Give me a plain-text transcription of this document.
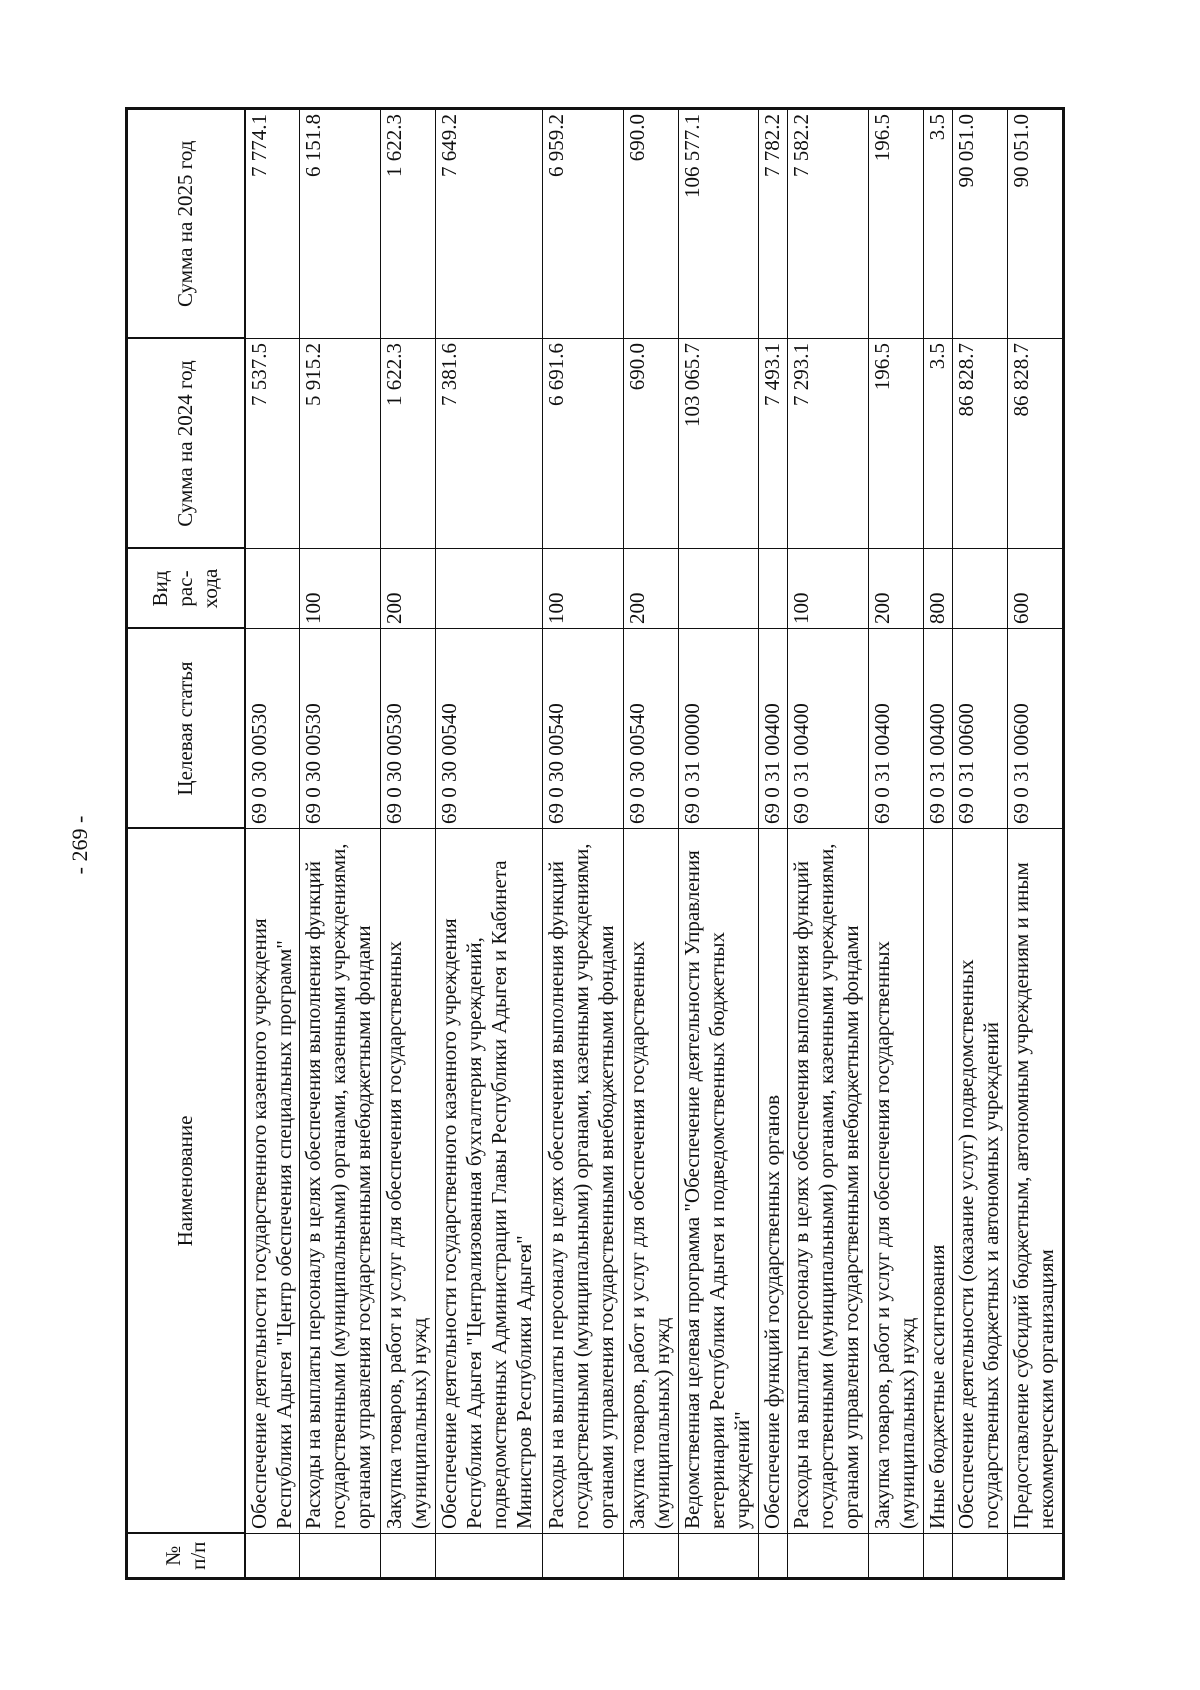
- 269 -
№ п/п	Наименование	Целевая статья	Вид рас-хода	Сумма на 2024 год	Сумма на 2025 год
	Обеспечение деятельности государственного казенного учреждения Республики Адыгея "Центр обеспечения специальных программ"	69 0 30 00530		7 537.5	7 774.1
	Расходы на выплаты персоналу в целях обеспечения выполнения функций государственными (муниципальными) органами, казенными учреждениями, органами управления государственными внебюджетными фондами	69 0 30 00530	100	5 915.2	6 151.8
	Закупка товаров, работ и услуг для обеспечения государственных (муниципальных) нужд	69 0 30 00530	200	1 622.3	1 622.3
	Обеспечение деятельности государственного казенного учреждения Республики Адыгея "Централизованная бухгалтерия учреждений, подведомственных Администрации Главы Республики Адыгея и Кабинета Министров Республики Адыгея"	69 0 30 00540		7 381.6	7 649.2
	Расходы на выплаты персоналу в целях обеспечения выполнения функций государственными (муниципальными) органами, казенными учреждениями, органами управления государственными внебюджетными фондами	69 0 30 00540	100	6 691.6	6 959.2
	Закупка товаров, работ и услуг для обеспечения государственных (муниципальных) нужд	69 0 30 00540	200	690.0	690.0
	Ведомственная целевая программа "Обеспечение деятельности Управления ветеринарии Республики Адыгея и подведомственных бюджетных учреждений"	69 0 31 00000		103 065.7	106 577.1
	Обеспечение функций государственных органов	69 0 31 00400		7 493.1	7 782.2
	Расходы на выплаты персоналу в целях обеспечения выполнения функций государственными (муниципальными) органами, казенными учреждениями, органами управления государственными внебюджетными фондами	69 0 31 00400	100	7 293.1	7 582.2
	Закупка товаров, работ и услуг для обеспечения государственных (муниципальных) нужд	69 0 31 00400	200	196.5	196.5
	Иные бюджетные ассигнования	69 0 31 00400	800	3.5	3.5
	Обеспечение деятельности (оказание услуг) подведомственных государственных бюджетных и автономных учреждений	69 0 31 00600		86 828.7	90 051.0
	Предоставление субсидий бюджетным, автономным учреждениям и иным некоммерческим организациям	69 0 31 00600	600	86 828.7	90 051.0
